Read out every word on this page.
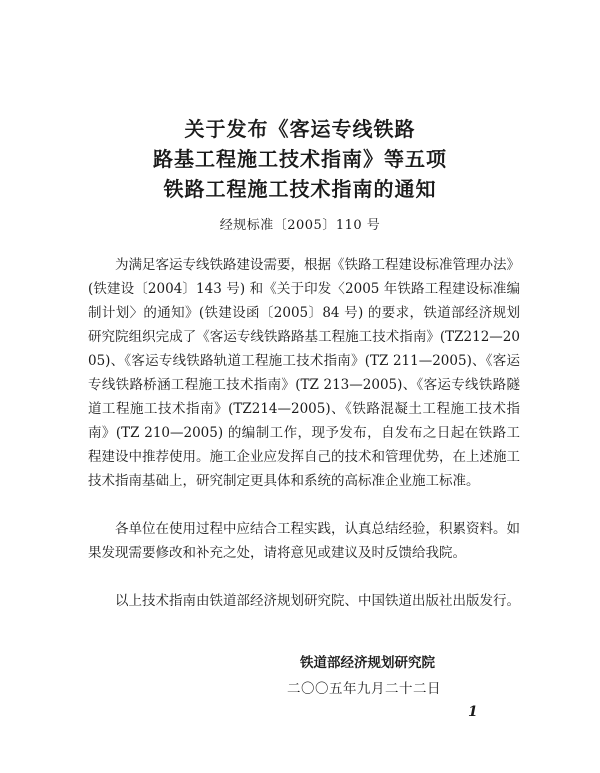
关于发布《客运专线铁路
路基工程施工技术指南》等五项
铁路工程施工技术指南的通知
经规标准〔2005〕110 号

为满足客运专线铁路建设需要，根据《铁路工程建设标准管理办法》(铁建设〔2004〕143 号) 和《关于印发〈2005 年铁路工程建设标准编制计划〉的通知》(铁建设函〔2005〕84 号) 的要求，铁道部经济规划研究院组织完成了《客运专线铁路路基工程施工技术指南》(TZ212—2005)、《客运专线铁路轨道工程施工技术指南》(TZ 211—2005)、《客运专线铁路桥涵工程施工技术指南》(TZ 213—2005)、《客运专线铁路隧道工程施工技术指南》(TZ214—2005)、《铁路混凝土工程施工技术指南》(TZ 210—2005) 的编制工作，现予发布，自发布之日起在铁路工程建设中推荐使用。施工企业应发挥自己的技术和管理优势，在上述施工技术指南基础上，研究制定更具体和系统的高标准企业施工标准。

各单位在使用过程中应结合工程实践，认真总结经验，积累资料。如果发现需要修改和补充之处，请将意见或建议及时反馈给我院。

以上技术指南由铁道部经济规划研究院、中国铁道出版社出版发行。

铁道部经济规划研究院
二〇〇五年九月二十二日
1
